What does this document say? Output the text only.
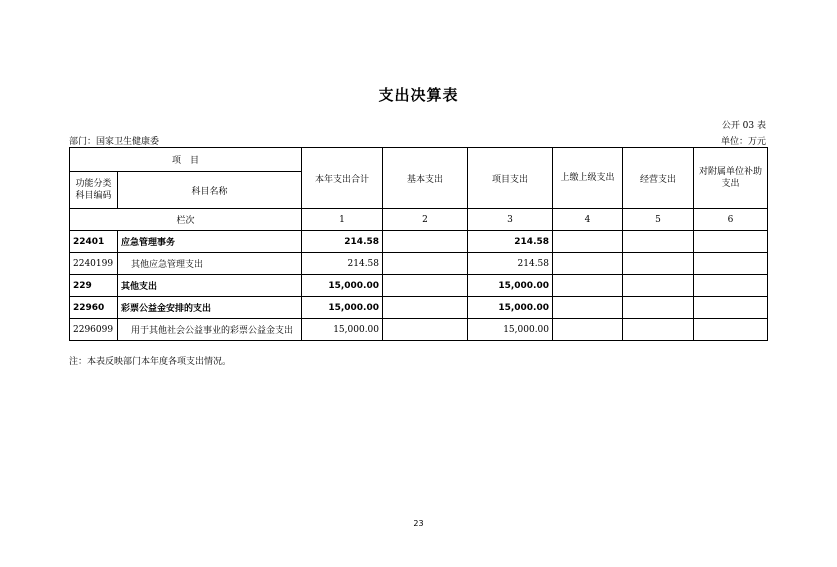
支出决算表
公开 03 表
部门：国家卫生健康委	单位：万元
项　目		本年支出合计	基本支出	项目支出	上缴上级支出	经营支出	对附属单位补助支出
功能分类科目编码	科目名称						
栏次		1	2	3	4	5	6
22401	应急管理事务	214.58		214.58			
2240199	其他应急管理支出	214.58		214.58			
229	其他支出	15,000.00		15,000.00			
22960	彩票公益金安排的支出	15,000.00		15,000.00			
2296099	用于其他社会公益事业的彩票公益金支出	15,000.00		15,000.00			
注：本表反映部门本年度各项支出情况。
23
